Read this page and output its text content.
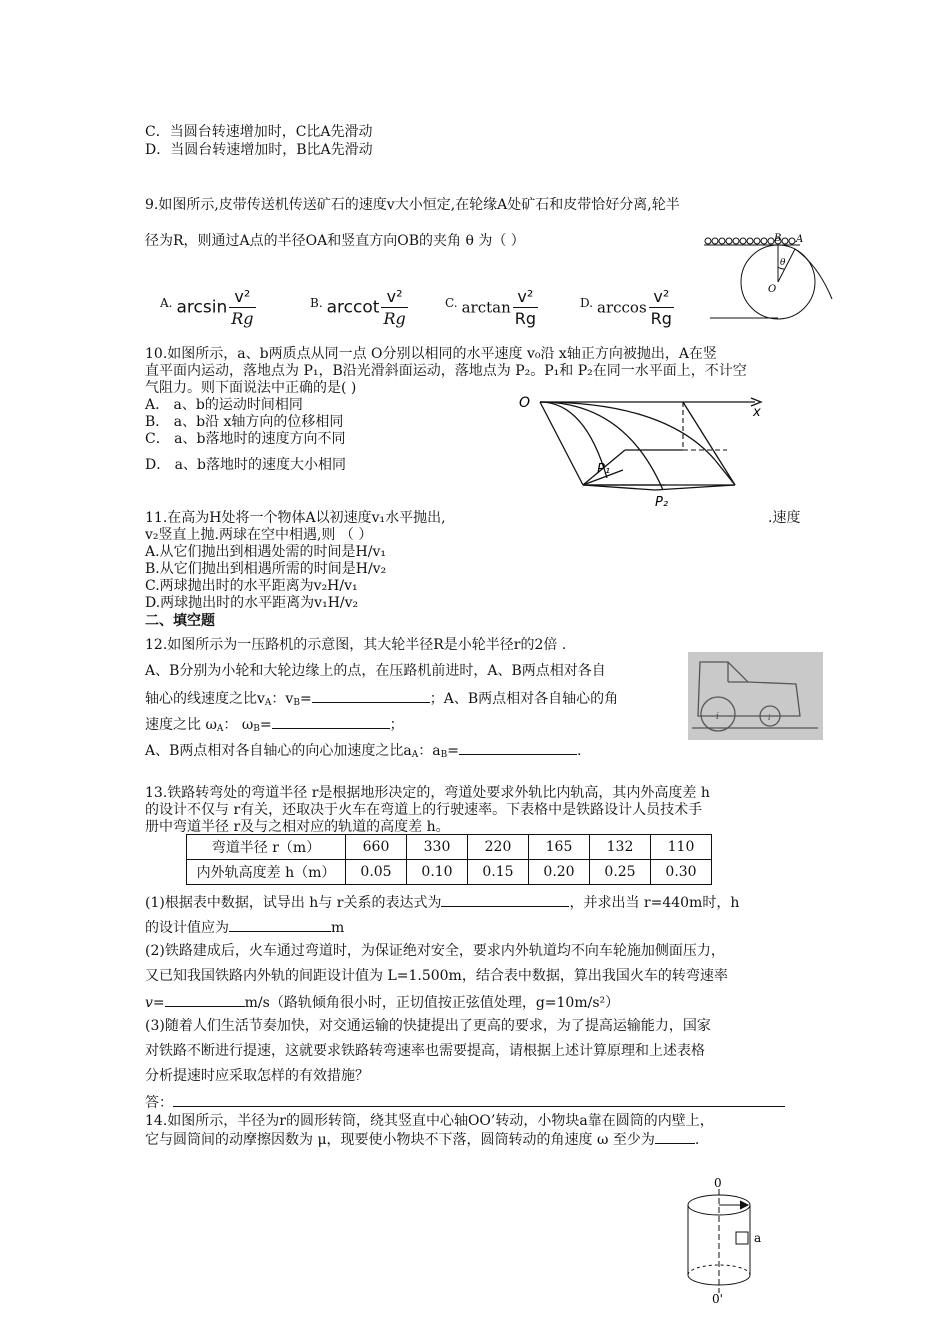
C．当圆台转速增加时，C比A先滑动
D．当圆台转速增加时，B比A先滑动
9.如图所示,皮带传送机传送矿石的速度v大小恒定,在轮缘A处矿石和皮带恰好分离,轮半
径为R，则通过A点的半径OA和竖直方向OB的夹角 θ 为（ ）
A. $\arcsin \frac{\text{v²}}{Rg}$	B. arccot $\frac{\text{v²}}{Rg}$	C. $\arctan \frac{\text{v²}}{Rg}$	D. $\arccos \frac{\text{v²}}{Rg}$
B A
θ
O
10.如图所示，a、b两质点从同一点 O分别以相同的水平速度 v₀沿 x轴正方向被抛出，A在竖
直平面内运动，落地点为 P₁，B沿光滑斜面运动，落地点为 P₂。P₁和 P₂在同一水平面上，不计空
气阻力。则下面说法中正确的是( )
A． a、b的运动时间相同
B． a、b沿 x轴方向的位移相同
C． a、b落地时的速度方向不同
D． a、b落地时的速度大小相同
O
x
P₁
P₂
11.在高为H处将一个物体A以初速度v₁水平抛出,	.速度
v₂竖直上抛.两球在空中相遇,则 （ ）
A.从它们抛出到相遇处需的时间是H/v₁
B.从它们抛出到相遇所需的时间是H/v₂
C.两球抛出时的水平距离为v₂H/v₁
D.两球抛出时的水平距离为v₁H/v₂
二、填空题
12.如图所示为一压路机的示意图，其大轮半径R是小轮半径r的2倍 .
A、B分别为小轮和大轮边缘上的点，在压路机前进时，A、B两点相对各自
轴心的线速度之比$v_A$：$v_B=$	；A、B两点相对各自轴心的角
速度之比 $\omega_A$： $\omega_B=$	；
A、B两点相对各自轴心的向心加速度之比$a_A$：$a_B=$	.
i	i
13.铁路转弯处的弯道半径 r是根据地形决定的，弯道处要求外轨比内轨高，其内外高度差 h
的设计不仅与 r有关，还取决于火车在弯道上的行驶速率。下表格中是铁路设计人员技术手
册中弯道半径 r及与之相对应的轨道的高度差 h。
弯道半径 r（m）	660	330	220	165	132	110
内外轨高度差 h（m）	0.05	0.10	0.15	0.20	0.25	0.30
(1)根据表中数据，试导出 h与 r关系的表达式为	，并求出当 r=440m时，h
的设计值应为	m
(2)铁路建成后，火车通过弯道时，为保证绝对安全，要求内外轨道均不向车轮施加侧面压力，
又已知我国铁路内外轨的间距设计值为 L=1.500m，结合表中数据，算出我国火车的转弯速率
v=	m/s（路轨倾角很小时，正切值按正弦值处理，g=10m/s²）
(3)随着人们生活节奏加快，对交通运输的快捷提出了更高的要求，为了提高运输能力，国家
对铁路不断进行提速，这就要求铁路转弯速率也需要提高，请根据上述计算原理和上述表格
分析提速时应采取怎样的有效措施？
答：
14.如图所示，半径为r的圆形转筒，绕其竖直中心轴OO’转动，小物块a靠在圆筒的内壁上，
它与圆筒间的动摩擦因数为 μ，现要使小物块不下落，圆筒转动的角速度 ω 至少为	.
0
0'
a
